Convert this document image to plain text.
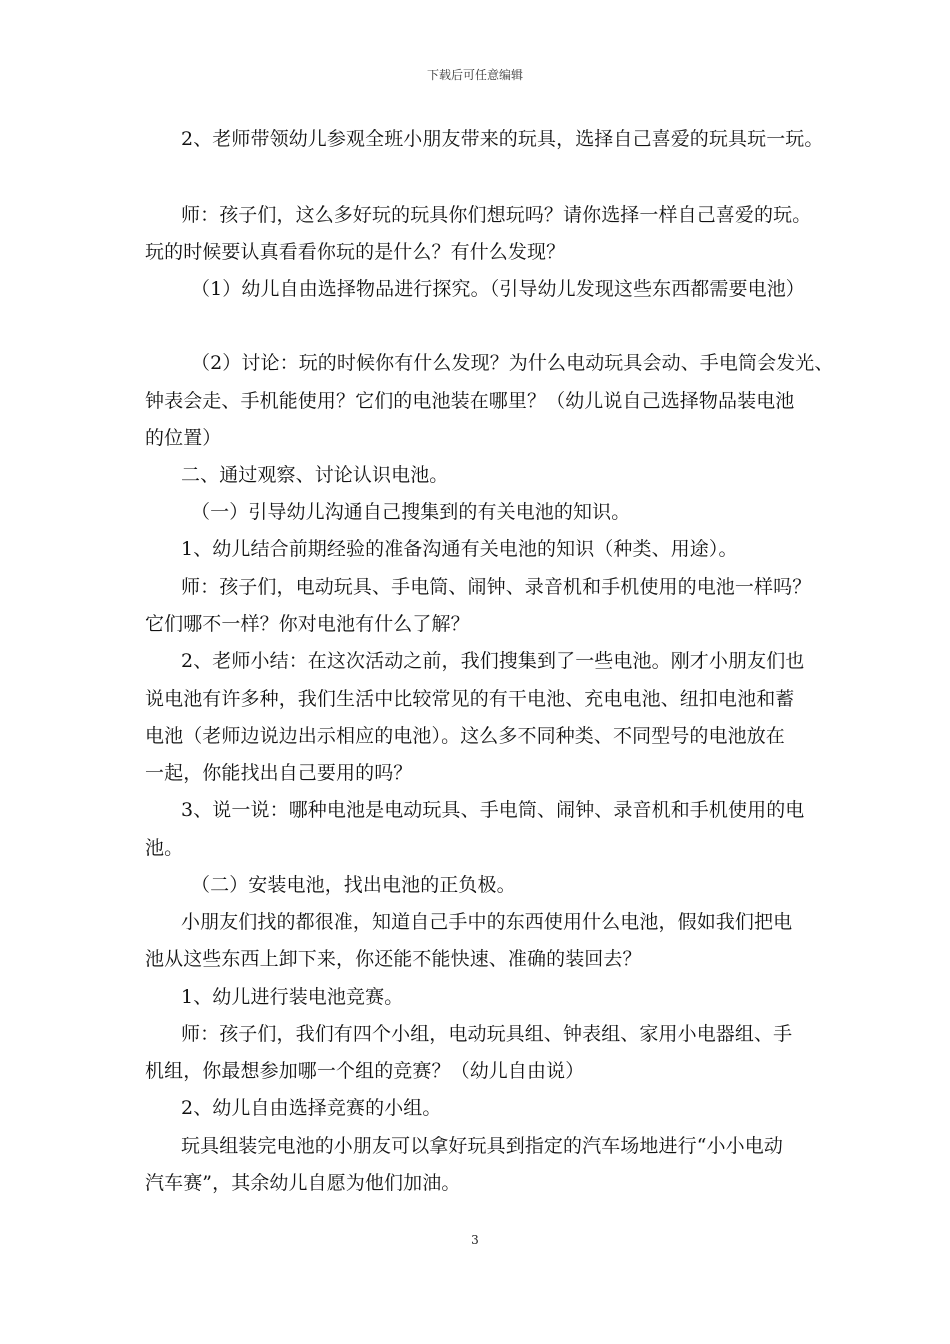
下载后可任意编辑
2、老师带领幼儿参观全班小朋友带来的玩具，选择自己喜爱的玩具玩一玩。
师：孩子们，这么多好玩的玩具你们想玩吗？请你选择一样自己喜爱的玩。
玩的时候要认真看看你玩的是什么？有什么发现？
（1）幼儿自由选择物品进行探究。（引导幼儿发现这些东西都需要电池）
（2）讨论：玩的时候你有什么发现？为什么电动玩具会动、手电筒会发光、
钟表会走、手机能使用？它们的电池装在哪里？（幼儿说自己选择物品装电池
的位置）
二、通过观察、讨论认识电池。
（一）引导幼儿沟通自己搜集到的有关电池的知识。
1、幼儿结合前期经验的准备沟通有关电池的知识（种类、用途）。
师：孩子们，电动玩具、手电筒、闹钟、录音机和手机使用的电池一样吗？
它们哪不一样？你对电池有什么了解？
2、老师小结：在这次活动之前，我们搜集到了一些电池。刚才小朋友们也
说电池有许多种，我们生活中比较常见的有干电池、充电电池、纽扣电池和蓄
电池（老师边说边出示相应的电池）。这么多不同种类、不同型号的电池放在
一起，你能找出自己要用的吗？
3、说一说：哪种电池是电动玩具、手电筒、闹钟、录音机和手机使用的电
池。
（二）安装电池，找出电池的正负极。
小朋友们找的都很准，知道自己手中的东西使用什么电池，假如我们把电
池从这些东西上卸下来，你还能不能快速、准确的装回去？
1、幼儿进行装电池竞赛。
师：孩子们，我们有四个小组，电动玩具组、钟表组、家用小电器组、手
机组，你最想参加哪一个组的竞赛？（幼儿自由说）
2、幼儿自由选择竞赛的小组。
玩具组装完电池的小朋友可以拿好玩具到指定的汽车场地进行“小小电动
汽车赛”，其余幼儿自愿为他们加油。
3
